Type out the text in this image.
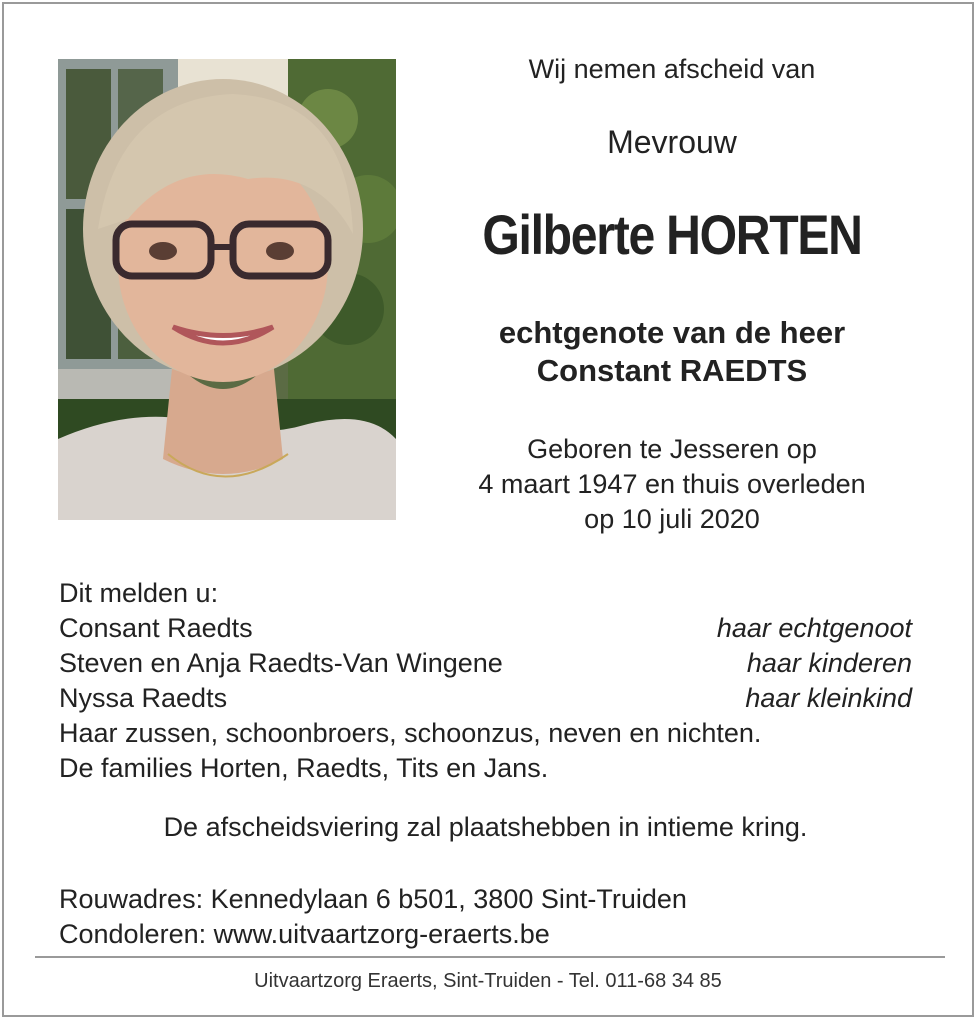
Wij nemen afscheid van
Mevrouw
Gilberte HORTEN
echtgenote van de heer
Constant RAEDTS
Geboren te Jesseren op
4 maart 1947 en thuis overleden
op 10 juli 2020
Dit melden u:
Consant Raedts	haar echtgenoot
Steven en Anja Raedts-Van Wingene	haar kinderen
Nyssa Raedts	haar kleinkind
Haar zussen, schoonbroers, schoonzus, neven en nichten.
De families Horten, Raedts, Tits en Jans.
De afscheidsviering zal plaatshebben in intieme kring.
Rouwadres: Kennedylaan 6 b501, 3800 Sint-Truiden
Condoleren: www.uitvaartzorg-eraerts.be
Uitvaartzorg Eraerts, Sint-Truiden - Tel. 011-68 34 85
